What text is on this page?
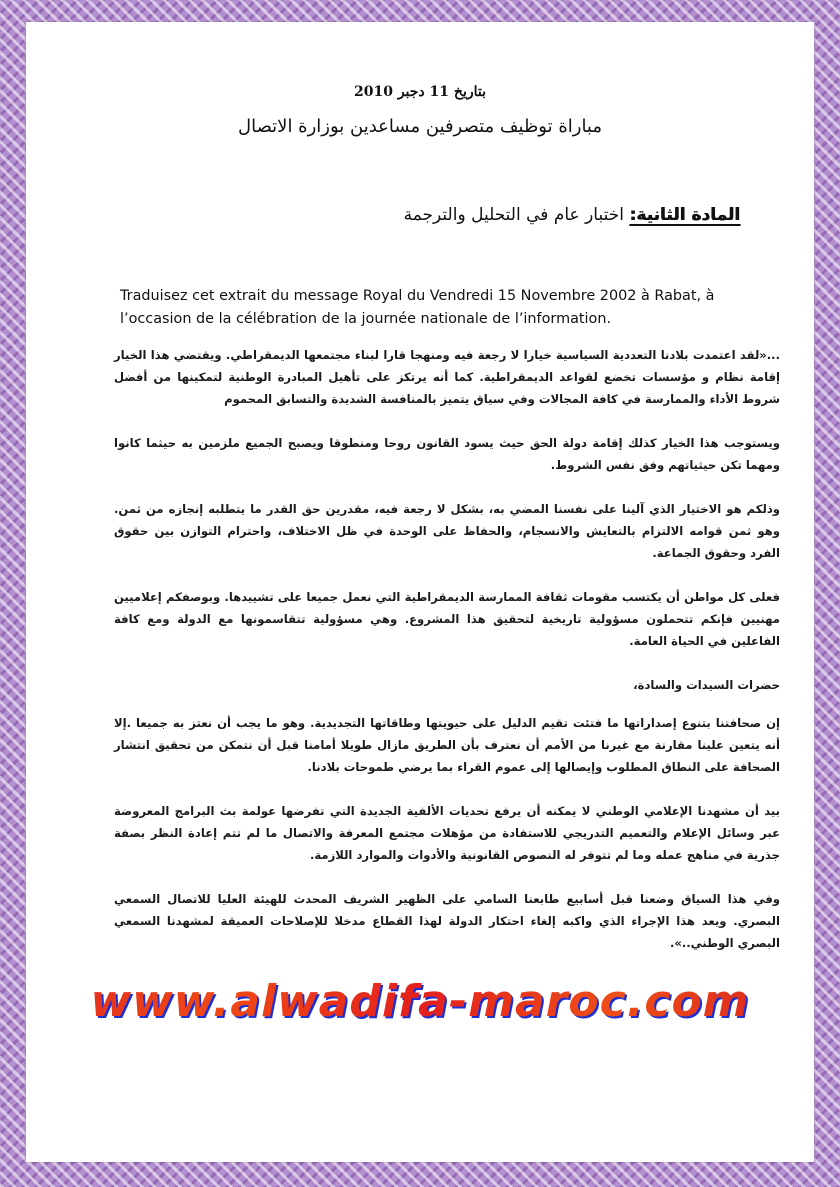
بتاريخ 11 دجبر 2010
مباراة توظيف متصرفين مساعدين بوزارة الاتصال
المادة الثانية: اختبار عام في التحليل والترجمة
Traduisez cet extrait du message Royal du Vendredi 15 Novembre 2002 à Rabat, à l’occasion de la célébration de la journée nationale de l’information.

...«لقد اعتمدت بلادنا التعددية السياسية خيارا لا رجعة فيه ومنهجا قارا لبناء مجتمعها الديمقراطي. ويقتضي هذا الخيار إقامة نظام و مؤسسات تخضع لقواعد الديمقراطية. كما أنه يرتكز على تأهيل المبادرة الوطنية لتمكينها من أفضل شروط الأداء والممارسة في كافة المجالات وفي سياق يتميز بالمنافسة الشديدة والتسابق المحموم

ويستوجب هذا الخيار كذلك إقامة دولة الحق حيث يسود القانون روحا ومنطوقا ويصبح الجميع ملزمين به حيثما كانوا ومهما تكن حيثياتهم وفق نفس الشروط.

وذلكم هو الاختيار الذي آلينا على نفسنا المضي به، بشكل لا رجعة فيه، مقدرين حق القدر ما يتطلبه إنجازه من ثمن. وهو ثمن قوامه الالتزام بالتعايش والانسجام، والحفاظ على الوحدة في ظل الاختلاف، واحترام التوازن بين حقوق الفرد وحقوق الجماعة.

فعلى كل مواطن أن يكتسب مقومات ثقافة الممارسة الديمقراطية التي نعمل جميعا على تشييدها. وبوصفكم إعلاميين مهنيين فإنكم تتحملون مسؤولية تاريخية لتحقيق هذا المشروع. وهي مسؤولية تتقاسمونها مع الدولة ومع كافة الفاعلين في الحياة العامة.

حضرات السيدات والسادة،

إن صحافتنا بتنوع إصداراتها ما فتئت تقيم الدليل على حيويتها وطاقاتها التجديدية. وهو ما يجب أن نعتز به جميعا .إلا أنه يتعين علينا مقارنة مع غيرنا من الأمم أن نعترف بأن الطريق مازال طويلا أمامنا قبل أن نتمكن من تحقيق انتشار الصحافة على النطاق المطلوب وإيصالها إلى عموم القراء بما يرضي طموحات بلادنا.

بيد أن مشهدنا الإعلامي الوطني لا يمكنه أن يرفع تحديات الألفية الجديدة التي تفرضها عولمة بث البرامج المعروضة عبر وسائل الإعلام والتعميم التدريجي للاستفادة من مؤهلات مجتمع المعرفة والاتصال ما لم تتم إعادة النظر بصفة جذرية في مناهج عمله وما لم تتوفر له النصوص القانونية والأدوات والموارد اللازمة.

وفي هذا السياق وضعنا قبل أسابيع طابعنا السامي على الظهير الشريف المحدث للهيئة العليا للاتصال السمعي البصري. ويعد هذا الإجراء الذي واكبه إلغاء احتكار الدولة لهذا القطاع مدخلا للإصلاحات العميقة لمشهدنا السمعي البصري الوطني..».

www.alwadifa-maroc.com
